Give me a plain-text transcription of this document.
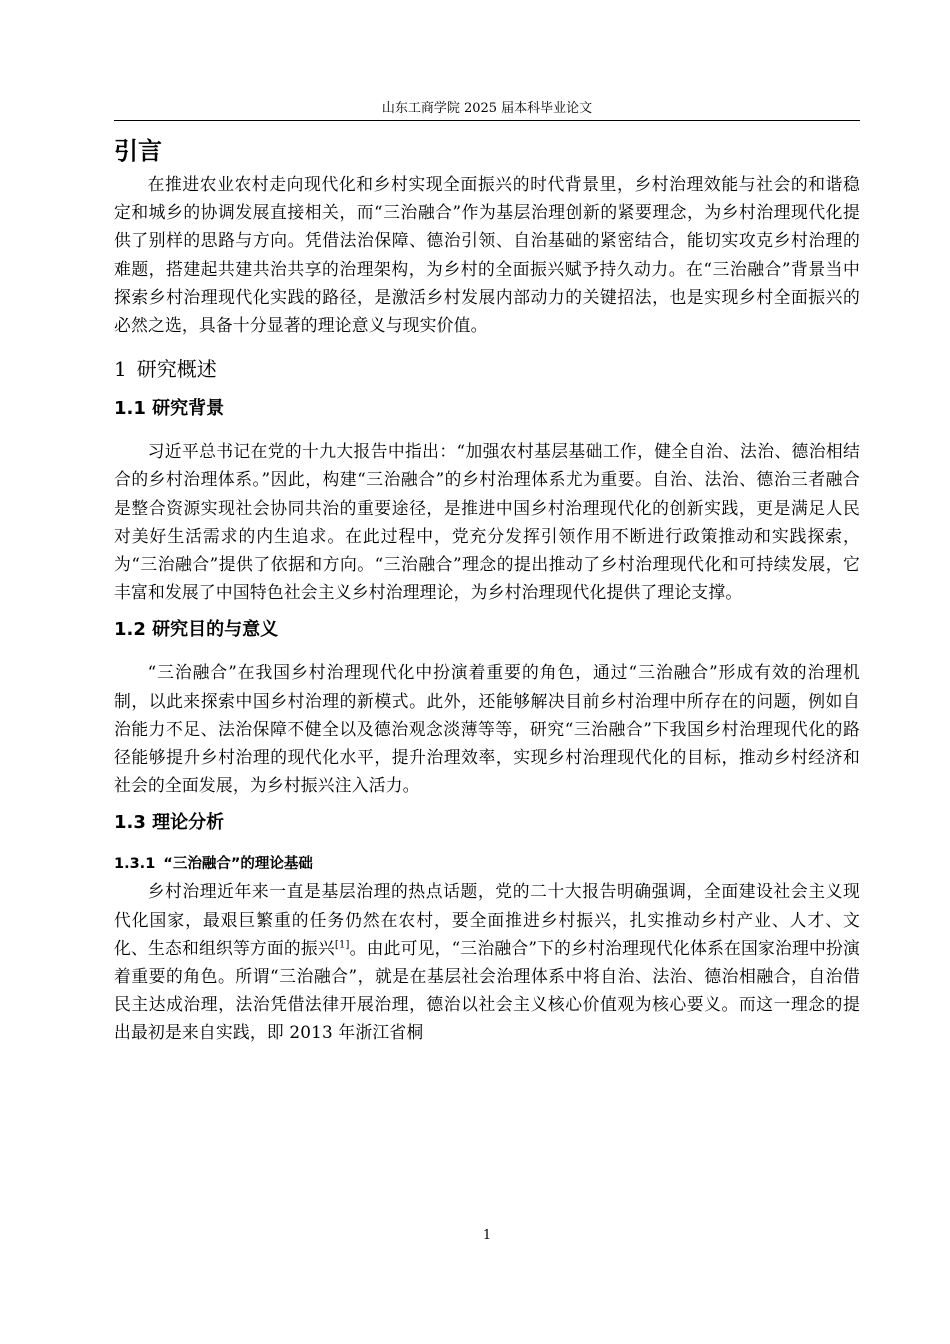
山东工商学院 2025 届本科毕业论文
引言

在推进农业农村走向现代化和乡村实现全面振兴的时代背景里，乡村治理效能与社会的和谐稳定和城乡的协调发展直接相关，而“三治融合”作为基层治理创新的紧要理念，为乡村治理现代化提供了别样的思路与方向。凭借法治保障、德治引领、自治基础的紧密结合，能切实攻克乡村治理的难题，搭建起共建共治共享的治理架构，为乡村的全面振兴赋予持久动力。在“三治融合”背景当中探索乡村治理现代化实践的路径，是激活乡村发展内部动力的关键招法，也是实现乡村全面振兴的必然之选，具备十分显著的理论意义与现实价值。

1 研究概述
1.1 研究背景

习近平总书记在党的十九大报告中指出：“加强农村基层基础工作，健全自治、法治、德治相结合的乡村治理体系。”因此，构建“三治融合”的乡村治理体系尤为重要。自治、法治、德治三者融合是整合资源实现社会协同共治的重要途径，是推进中国乡村治理现代化的创新实践，更是满足人民对美好生活需求的内生追求。在此过程中，党充分发挥引领作用不断进行政策推动和实践探索，为“三治融合”提供了依据和方向。“三治融合”理念的提出推动了乡村治理现代化和可持续发展，它丰富和发展了中国特色社会主义乡村治理理论，为乡村治理现代化提供了理论支撑。

1.2 研究目的与意义

“三治融合”在我国乡村治理现代化中扮演着重要的角色，通过“三治融合”形成有效的治理机制，以此来探索中国乡村治理的新模式。此外，还能够解决目前乡村治理中所存在的问题，例如自治能力不足、法治保障不健全以及德治观念淡薄等等，研究“三治融合”下我国乡村治理现代化的路径能够提升乡村治理的现代化水平，提升治理效率，实现乡村治理现代化的目标，推动乡村经济和社会的全面发展，为乡村振兴注入活力。

1.3 理论分析
1.3.1 “三治融合”的理论基础

乡村治理近年来一直是基层治理的热点话题，党的二十大报告明确强调，全面建设社会主义现代化国家，最艰巨繁重的任务仍然在农村，要全面推进乡村振兴，扎实推动乡村产业、人才、文化、生态和组织等方面的振兴[1]。由此可见，“三治融合”下的乡村治理现代化体系在国家治理中扮演着重要的角色。所谓“三治融合”，就是在基层社会治理体系中将自治、法治、德治相融合，自治借民主达成治理，法治凭借法律开展治理，德治以社会主义核心价值观为核心要义。而这一理念的提出最初是来自实践，即 2013 年浙江省桐

1
